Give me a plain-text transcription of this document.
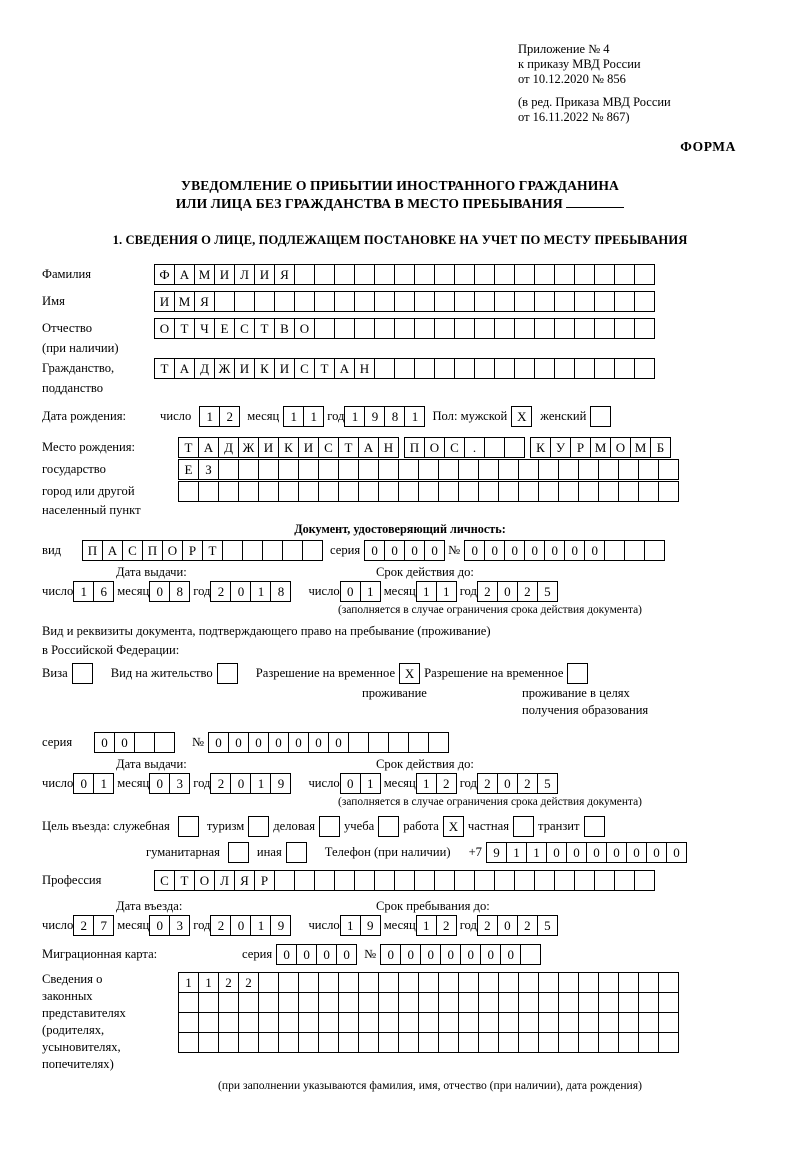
Приложение № 4
к приказу МВД России
от 10.12.2020 № 856
(в ред. Приказа МВД России
от 16.11.2022 № 867)
ФОРМА
УВЕДОМЛЕНИЕ О ПРИБЫТИИ ИНОСТРАННОГО ГРАЖДАНИНА
ИЛИ ЛИЦА БЕЗ ГРАЖДАНСТВА В МЕСТО ПРЕБЫВАНИЯ
1. СВЕДЕНИЯ О ЛИЦЕ, ПОДЛЕЖАЩЕМ ПОСТАНОВКЕ НА УЧЕТ ПО МЕСТУ ПРЕБЫВАНИЯ
Фамилия	Ф А М И Л И Я
Имя	И М Я
Отчество	О Т Ч Е С Т В О
(при наличии)
Гражданство,	Т А Д Ж И К И С Т А Н
подданство
Дата рождения:	число	1	2	месяц 1	1 год 1	9	8	1	Пол: мужской X	женский
Место рождения:	Т А Д Ж И К И С Т А Н	П О С	.	К У Р М О М Б
государство	Е З
город или другой
населенный пункт
Документ, удостоверяющий личность:
вид	П А С П О Р Т	серия 0	0	0	0 № 0	0	0	0	0	0	0
Дата выдачи:	Срок действия до:
число 1	6 месяц 0	8 год 2	0	1	8	число 0	1 месяц 1	1 год 2	0	2	5
(заполняется в случае ограничения срока действия документа)
Вид и реквизиты документа, подтверждающего право на пребывание (проживание)
в Российской Федерации:
Виза	Вид на жительство	Разрешение на временное X Разрешение на временное
проживание	проживание в целях
получения образования
серия	0	0	№ 0	0	0	0	0	0	0
Дата выдачи:	Срок действия до:
число 0	1 месяц 0	3 год 2	0	1	9	число 0	1 месяц 1	2 год 2	0	2	5
(заполняется в случае ограничения срока действия документа)
Цель въезда: служебная	туризм деловая учеба работа X частная транзит
гуманитарная	иная	Телефон (при наличии) +7 9	1	1	0	0	0	0	0	0	0
Профессия	С Т О Л Я Р
Дата въезда:	Срок пребывания до:
число 2	7 месяц 0	3 год 2	0	1	9	число 1	9 месяц 1	2 год 2	0	2	5
Миграционная карта:	серия 0	0	0	0	№ 0	0	0	0	0	0	0
Сведения о
законных
представителях
(родителях,
усыновителях,
попечителях)
1	1	2	2
(при заполнении указываются фамилия, имя, отчество (при наличии), дата рождения)
